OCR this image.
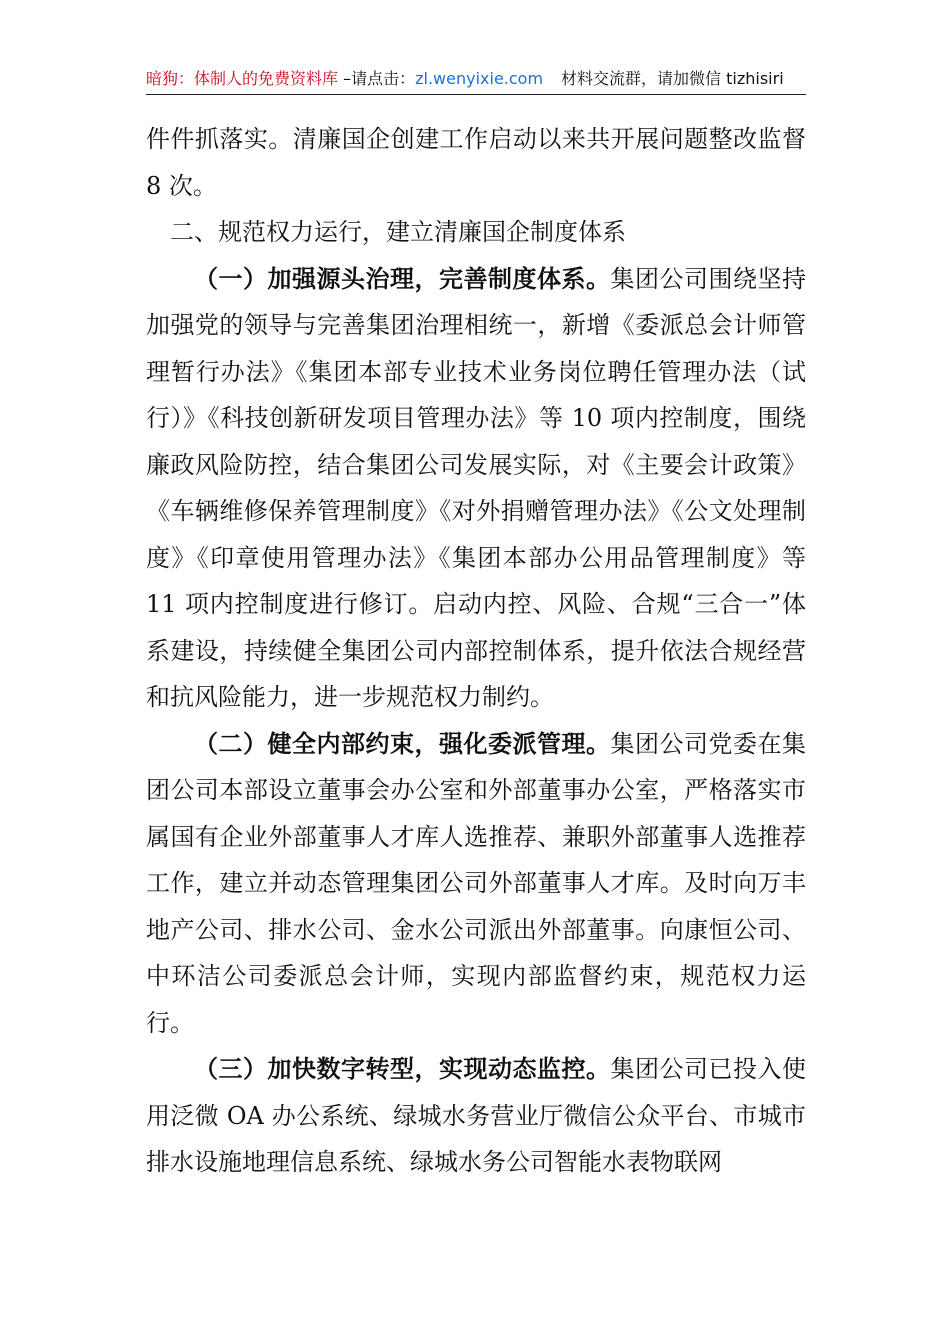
暗狗：体制人的免费资料库 –请点击：zl.wenyixie.com 材料交流群，请加微信 tizhisiri

件件抓落实。清廉国企创建工作启动以来共开展问题整改监督 8 次。

二、规范权力运行，建立清廉国企制度体系

（一）加强源头治理，完善制度体系。集团公司围绕坚持加强党的领导与完善集团治理相统一，新增《委派总会计师管理暂行办法》《集团本部专业技术业务岗位聘任管理办法（试行）》《科技创新研发项目管理办法》等 10 项内控制度，围绕廉政风险防控，结合集团公司发展实际，对《主要会计政策》《车辆维修保养管理制度》《对外捐赠管理办法》《公文处理制度》《印章使用管理办法》《集团本部办公用品管理制度》等 11 项内控制度进行修订。启动内控、风险、合规“三合一”体系建设，持续健全集团公司内部控制体系，提升依法合规经营和抗风险能力，进一步规范权力制约。

（二）健全内部约束，强化委派管理。集团公司党委在集团公司本部设立董事会办公室和外部董事办公室，严格落实市属国有企业外部董事人才库人选推荐、兼职外部董事人选推荐工作，建立并动态管理集团公司外部董事人才库。及时向万丰地产公司、排水公司、金水公司派出外部董事。向康恒公司、中环洁公司委派总会计师，实现内部监督约束，规范权力运行。

（三）加快数字转型，实现动态监控。集团公司已投入使用泛微 OA 办公系统、绿城水务营业厅微信公众平台、市城市排水设施地理信息系统、绿城水务公司智能水表物联网
